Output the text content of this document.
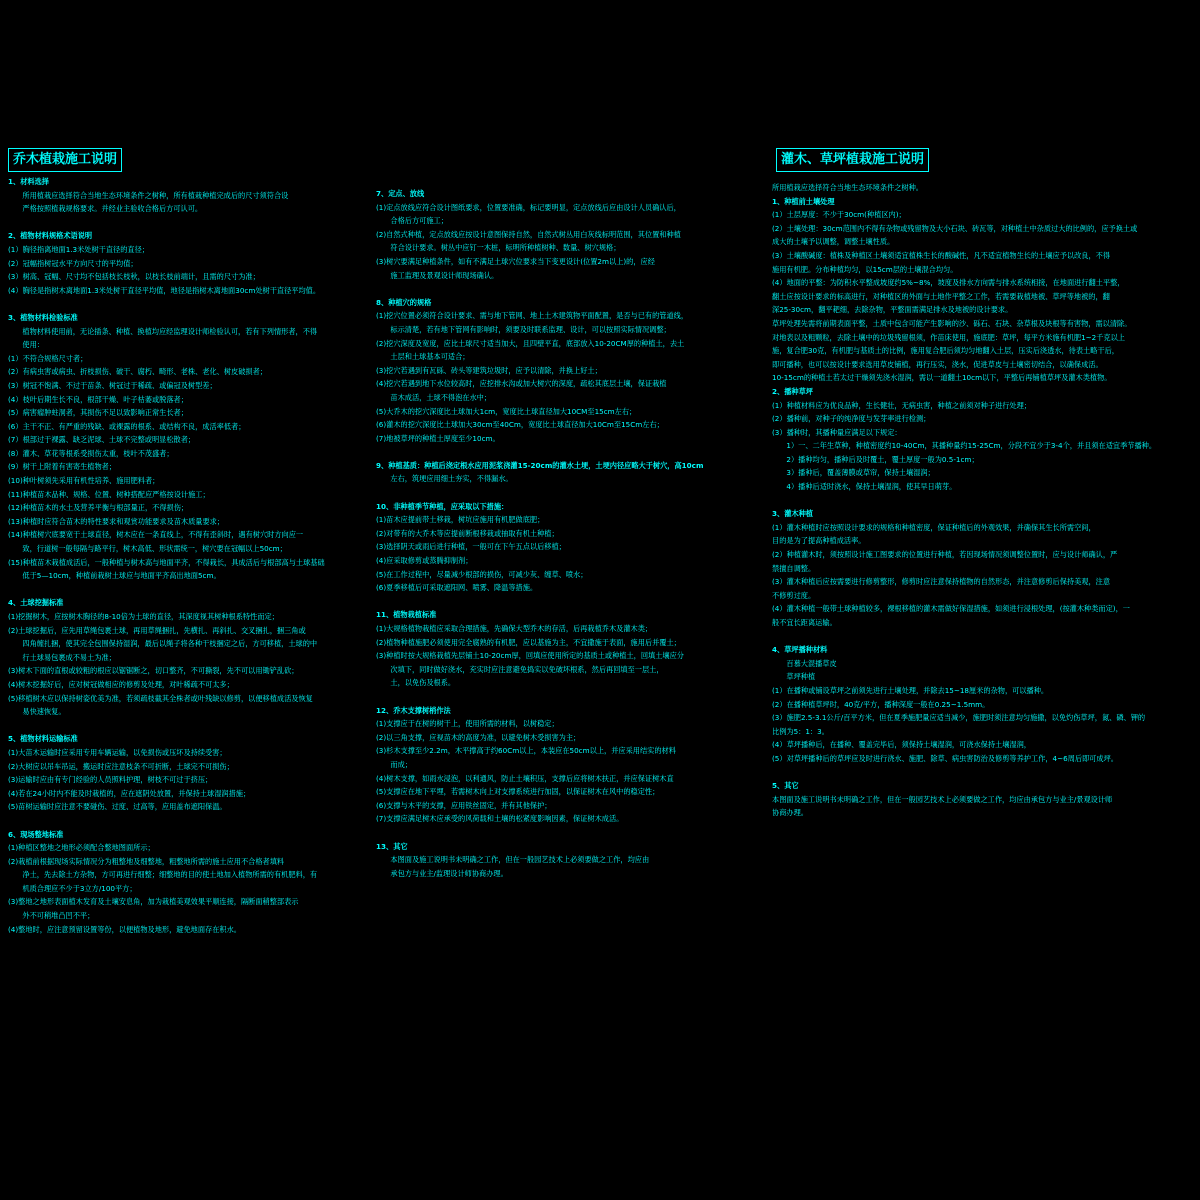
乔木植栽施工说明	灌木、草坪植栽施工说明

1、材料选择

　　所用植栽应选择符合当地生态环境条件之树种，所有植栽种植完成后的尺寸须符合设

　　严格按照植栽规格要求。并经业主验收合格后方可认可。

2、植物材料规格术语说明

(1）胸径指离地面1.3米处树干直径的直径；

(2）冠幅指树冠水平方向尺寸的平均值；

(3）树高、冠幅、尺寸均不包括枝长枝秋，以枝长枝前端计，且需的尺寸为准；

(4）胸径是指树木离地面1.3米处树干直径平均值，地径是指树木离地面30cm处树干直径平均值。

3、植物材料检验标准

　　植物材料使用前，无论插条、种植、换植均应经监理设计师检验认可，若有下列情形者，不得

　　使用：

(1）不符合规格尺寸者；

(2）有病虫害或病虫、折枝损伤、破干、腐朽、畸形、老株、老化、树皮破损者；

(3）树冠不饱满、不过于苗条、树冠过于稀疏、或偏冠及树型差；

(4）枝叶后期生长不良，根部干燥、叶子枯萎或脱落者；

(5）病害瘤肿蛀洞者，其损伤不足以致影响正常生长者；

(6）主干不正、有严重的残缺、或裸露的根系、或结构不良，成活率低者；

(7）根部过于裸露、缺乏泥球、土球不完整或明显松散者；

(8）灌木、草花等根系受损伤太重，枝叶不茂盛者；

(9）树干上附着有害寄生植物者；

(10)种叶树须先采用有机性培养、施用肥料者；

(11)种植苗木品种、规格、位置、树种搭配应严格按设计施工；

(12)种植苗木的水土及营养平衡与根部量正，不得损伤；

(13)种植时应符合苗木的特性要求和观赏功能要求及苗木质量要求；

(14)种植树穴底要宽于土球直径，树木应在一条直线上，不得有歪斜时，遇有树穴时方向应一

　　致，行道树一般每隔与路平行，树木高低、形状需统一，树穴要在冠幅以上50cm；

(15)种植苗木栽植成活后，一般种植与树木高与地面平齐，不得栽长，具成活后与根部高与土球基础

　　低于5—10cm，种植前栽树土球应与地面平齐高出地面5cm。

4、土球挖掘标准

(1)挖掘树木，应按树木胸径的8-10倍为土球的直径，其深度视其树种根系特性而定；

(2)土球挖掘后，应先用草绳包裹土球，再用草绳捆扎，先横扎、再斜扎、交叉捆扎，捆三角或

　　四角缠扎捆，使其完全包围保持湿润，最后以绳子将各种干枝捆定之后，方可移植，土球的中

　　行土球易包裹成不易土为准；

(3)树木下面的直根或较粗的根应以锯锯断之，切口整齐，不可撕裂，先不可以用锄铲乱砍；

(4)树木挖掘好后，应对树冠做相应的修剪及处理，对叶稀疏不可太多；

(5)移植树木应以保持树姿优美为准，若须疏枝截其全株者或叶残缺以修剪，以便移植成活及恢复

　　易快速恢复。

5、植物材料运输标准

(1)大苗木运输时应采用专用车辆运输，以免损伤或压坏及持续受害；

(2)大树应以吊车吊运，搬运时应注意枝条不可折断，土球完不可损伤；

(3)运输时应由有专门经验的人员照料护理，树枝不可过于挤压；

(4)若在24小时内不能及时栽植的，应在遮阴处放置，并保持土球湿润措施；

(5)苗树运输时应注意不要碰伤、过度、过高等，应用盖布遮阳保温。

6、现场整地标准

(1)种植区整地之地形必须配合整地图面所示；

(2)栽植前根据现场实际情况分为粗整地及细整地，粗整地所需的施土应用不合格者填料

　　净土，先去除土方杂物，方可再进行细整；细整地的目的使土地加入植物所需的有机肥料，有

　　机质合理应不少于3立方/100平方；

(3)整地之地形表面植木发育及土壤安息角，加为栽植美观效果平顺连接，隔断面稍整部表示

　　外不可稍堆凸凹不平；

(4)整地时，应注意预留设置等份，以便植物及地形，避免地面存在积水。

7、定点、放线

(1)定点放线应符合设计图纸要求，位置要准确，标记要明显，定点放线后应由设计人员确认后，

　　合格后方可施工；

(2)自然式种植，定点放线应按设计意图保持自然，自然式树丛用白灰线标明范围，其位置和种植

　　符合设计要求。树丛中应钉一木桩，标明所种植树种、数量、树穴规格；

(3)树穴要满足种植条件，如有不满足土球穴位要求当下变更设计(位置2m以上)的，应经

　　施工监理及景观设计师现场确认。

8、种植穴的规格

(1)挖穴位置必须符合设计要求、需与地下管网、地上土木建筑物平面配置，是否与已有的管道线，

　　标示清楚，若有地下管网有影响时，须要及时联系监理、设计，可以按照实际情况调整；

(2)挖穴深度及宽度，应比土球尺寸适当加大，且四壁平直，底部放入10-20CM厚的种植土，去土

　　土层和土球基本可适合；

(3)挖穴若遇到有瓦砾、砖头等建筑垃圾时，应予以清除，并换上好土；

(4)挖穴若遇到地下水位较高时，应挖排水沟或加大树穴的深度，疏松其底层土壤，保证栽植

　　苗木成活，土球不得泡在水中；

(5)大乔木的挖穴深度比土球加大1cm，宽度比土球直径加大10CM至15cm左右；

(6)灌木的挖穴深度比土球加大30cm至40Cm，宽度比土球直径加大10Cm至15Cm左右；

(7)地被草坪的种植土厚度至少10cm。

9、种植基质：种植后浇定根水应用泥浆浇灌15-20cm的灌水土埂，土埂内径应略大于树穴，高10cm

　　左右，筑埂应用细土夯实，不得漏水。

10、非种植季节种植，应采取以下措施：

(1)苗木应提前带土移栽，树坑应施用有机肥做底肥；

(2)对带有的大乔木等应提前断根移栽或抽取有机土种植；

(3)选择阴天或雨后进行种植，一般可在下午五点以后移植；

(4)应采取修剪或蒸腾抑制剂；

(5)在工作过程中，尽量减少根部的损伤，可减少灰、缠草、喷水；

(6)夏季移植后可采取遮阳网、喷雾、降温等措施。

11、植物栽植标准

(1)大规格植物栽植应采取合理措施，先确保大型乔木的存活，后再栽植乔木及灌木类；

(2)植物种植施肥必须使用完全腐熟的有机肥，应以基施为主，不宜撒施于表面，施用后并覆土；

(3)种植时按大规格栽植先层铺土10-20cm厚，回填应使用所定的基质土或种植土，回填土壤应分

　　次填下，同时做好浇水，充实时应注意避免捣实以免破坏根系，然后再回填至一层土，

　　土，以免伤及根系。

12、乔木支撑树梢作法

(1)支撑应于在树的树干上，使用所需的材料，以树稳定；

(2)以三角支撑，应视苗木的高度为准，以避免树木受损害为主；

(3)杉木支撑至少2.2m，木平撑高于约60Cm以上，本装应在50cm以上，并应采用结实的材料

　　而成；

(4)树木支撑，如雨水浸泡，以利通风，防止土壤积压，支撑后应将树木扶正，并应保证树木直

(5)支撑应在地下平埋，若需树木向上对支撑系统进行加固，以保证树木在风中的稳定性；

(6)支撑与木平的支撑，应用铁丝固定，并有其他保护；

(7)支撑应满足树木应承受的风荷载和土壤的松紧度影响因素，保证树木成活。

13、其它

　　本图面及施工说明书未明确之工作，但在一般园艺技术上必须要做之工作，均应由

　　承包方与业主/监理设计师协商办理。

所用植栽应选择符合当地生态环境条件之树种。

1、种植前土壤处理

(1）土层厚度：不少于30cm(种植区内)；

(2）土壤处理：30cm范围内不得有杂物或残留物及大小石块、砖瓦等，对种植土中杂质过大的比例的，应予换土或

成大的土壤予以调整，调整土壤性质。

(3）土壤酸碱度：植株及种植区土壤须适宜植株生长的酸碱性，凡不适宜植物生长的土壤应予以改良，不得

施用有机肥。分布种植均匀，以15cm层的土壤混合均匀。

(4）地面的平整：为防积水平整成坡度约5%~8%，坡度及排水方向需与排水系统相接，在地面进行翻土平整，

翻土应按设计要求的标高进行，对种植区的外面与土地作平整之工作，若需要栽植地被、草坪等地被的，翻

深25-30cm，翻平耙细，去除杂物，平整面需满足排水及地被的设计要求。

草坪处理先需将前期表面平整，土质中包含可能产生影响的沙、砾石、石块、杂草根及块根等有害物，需以清除。

对地表以及粗颗粒，去除土壤中的垃圾残留根须，作苗床使用，施底肥：草坪，每平方米施有机肥1~2千克以上

施，复合肥30克，有机肥与基质土的比例，施用复合肥后须均匀地翻入土层，压实后浇透水，待表土略干后，

即可播种，也可以按设计要求选用草皮铺植，再行压实，浇水，促进草皮与土壤密切结合，以确保成活。

10-15cm的种植土若太过干燥须先浇水湿润，需以一道翻土10cm以下，平整后再铺植草坪及灌木类植物。

2、播种草坪

(1）种植材料应为优良品种，生长健壮，无病虫害，种植之前须对种子进行处理；

(2）播种前，对种子的纯净度与发芽率进行检测；

(3）播种时，其播种量应满足以下规定：

　　1）一、二年生草种，种植密度约10-40Cm，其播种量约15-25Cm，分段不宜少于3-4个，并且须在适宜季节播种。

　　2）播种均匀，播种后及时覆土，覆土厚度一般为0.5-1cm；

　　3）播种后，覆盖薄膜或草帘，保持土壤湿润；

　　4）播种后适时浇水，保持土壤湿润，使其早日萌芽。

3、灌木种植

(1）灌木种植时应按照设计要求的规格和种植密度，保证种植后的外观效果，并确保其生长所需空间，

目的是为了提高种植成活率。

(2）种植灌木时，须按照设计施工图要求的位置进行种植，若因现场情况须调整位置时，应与设计师确认，严

禁擅自调整。

(3）灌木种植后应按需要进行修剪整形，修剪时应注意保持植物的自然形态，并注意修剪后保持美观，注意

不修剪过度。

(4）灌木种植一般带土球种植较多，裸根移植的灌木需做好保湿措施，如须进行浸根处理，(按灌木种类而定)，一

般不宜长距离运输。

4、草坪播种材料

　　百慕大混播草皮

　　草坪种植

(1）在播种或铺设草坪之前须先进行土壤处理，并除去15~18厘米的杂物，可以播种。

(2）在播种植草坪时，40克/平方，播种深度一般在0.25~1.5mm。

(3）施肥2.5-3.1公斤/百平方米，但在夏季施肥量应适当减少，施肥时须注意均匀施撒，以免灼伤草坪，氮、磷、钾的

比例为5：1：3。

(4）草坪播种后，在播种、覆盖完毕后，须保持土壤湿润，可浇水保持土壤湿润，

(5）对草坪播种后的草坪应及时进行浇水、施肥、除草、病虫害防治及修剪等养护工作，4~6周后即可成坪。

5、其它

本图面及施工说明书未明确之工作，但在一般园艺技术上必须要做之工作，均应由承包方与业主/景观设计师

协商办理。
